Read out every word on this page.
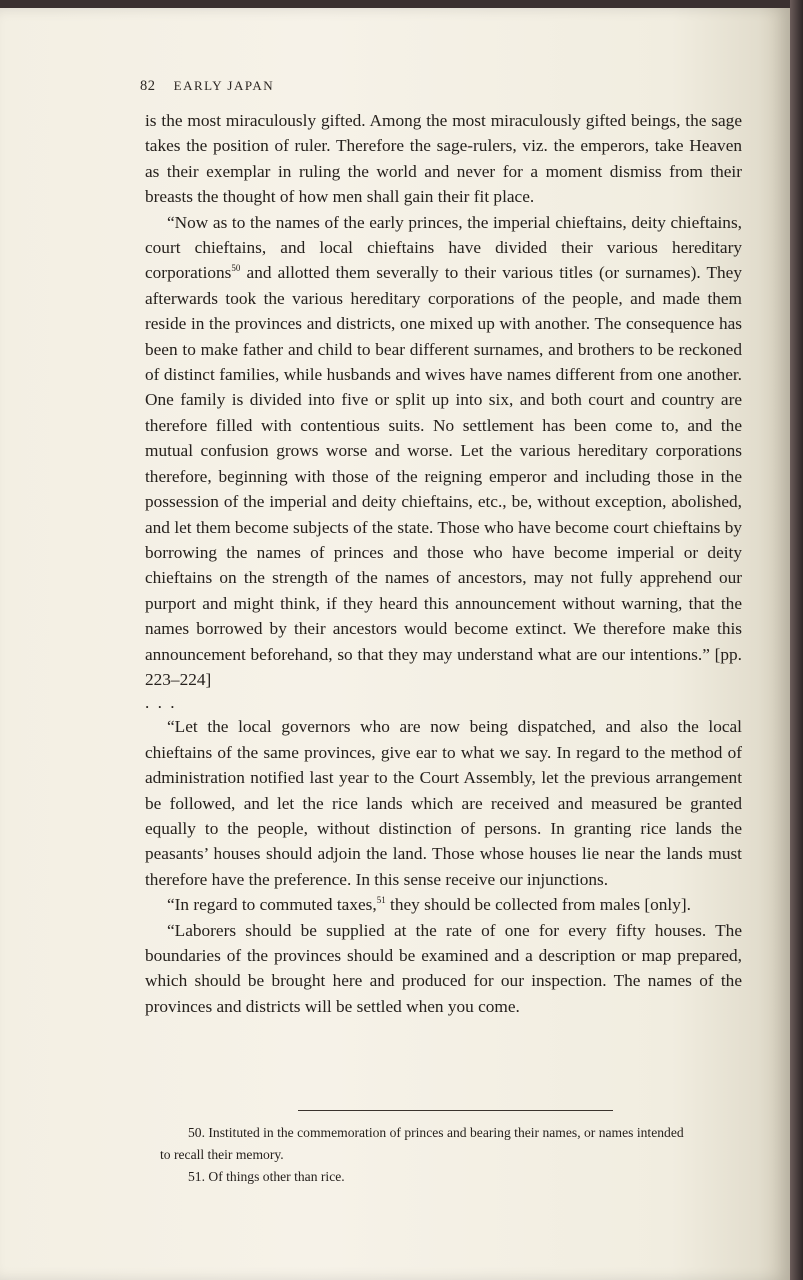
82 EARLY JAPAN

is the most miraculously gifted. Among the most miraculously gifted beings, the sage takes the position of ruler. Therefore the sage-rulers, viz. the emperors, take Heaven as their exemplar in ruling the world and never for a moment dismiss from their breasts the thought of how men shall gain their fit place.

“Now as to the names of the early princes, the imperial chieftains, deity chieftains, court chieftains, and local chieftains have divided their various hereditary corporations$^{50}$ and allotted them severally to their various titles (or surnames). They afterwards took the various hereditary corporations of the people, and made them reside in the provinces and districts, one mixed up with another. The consequence has been to make father and child to bear different surnames, and brothers to be reckoned of distinct families, while husbands and wives have names different from one another. One family is divided into five or split up into six, and both court and country are therefore filled with contentious suits. No settlement has been come to, and the mutual confusion grows worse and worse. Let the various hereditary corporations therefore, beginning with those of the reigning emperor and including those in the possession of the imperial and deity chieftains, etc., be, without exception, abolished, and let them become subjects of the state. Those who have become court chieftains by borrowing the names of princes and those who have become imperial or deity chieftains on the strength of the names of ancestors, may not fully apprehend our purport and might think, if they heard this announcement without warning, that the names borrowed by their ancestors would become extinct. We therefore make this announcement beforehand, so that they may understand what are our intentions.” [pp. 223–224]

. . .

“Let the local governors who are now being dispatched, and also the local chieftains of the same provinces, give ear to what we say. In regard to the method of administration notified last year to the Court Assembly, let the previous arrangement be followed, and let the rice lands which are received and measured be granted equally to the people, without distinction of persons. In granting rice lands the peasants’ houses should adjoin the land. Those whose houses lie near the lands must therefore have the preference. In this sense receive our injunctions.

“In regard to commuted taxes,$^{51}$ they should be collected from males [only].

“Laborers should be supplied at the rate of one for every fifty houses. The boundaries of the provinces should be examined and a description or map prepared, which should be brought here and produced for our inspection. The names of the provinces and districts will be settled when you come.

50. Instituted in the commemoration of princes and bearing their names, or names intended
to recall their memory.

51. Of things other than rice.
